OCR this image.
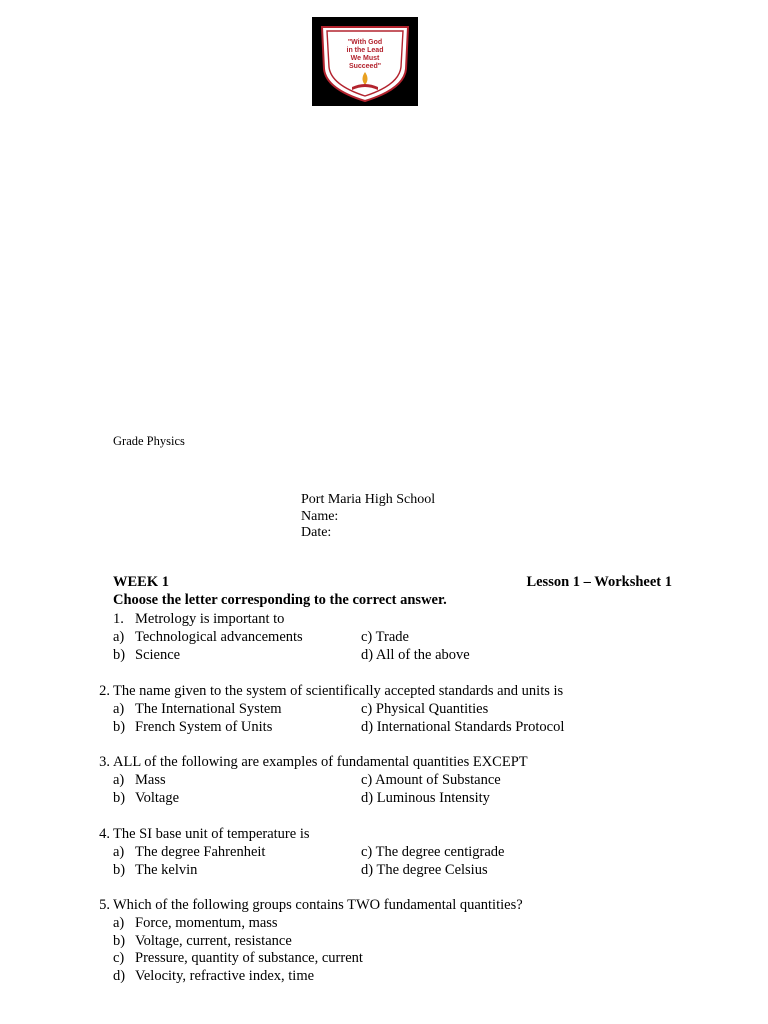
"With God
in the Lead
We Must
Succeed"
Grade Physics
Port Maria High School
Name:
Date:
WEEK 1	Lesson 1 – Worksheet 1
Choose the letter corresponding to the correct answer.
1. Metrology is important to
a) Technological advancements	c) Trade
b) Science	d) All of the above
2. The name given to the system of scientifically accepted standards and units is
a) The International System	c) Physical Quantities
b) French System of Units	d) International Standards Protocol
3. ALL of the following are examples of fundamental quantities EXCEPT
a) Mass	c) Amount of Substance
b) Voltage	d) Luminous Intensity
4. The SI base unit of temperature is
a) The degree Fahrenheit	c) The degree centigrade
b) The kelvin	d) The degree Celsius
5. Which of the following groups contains TWO fundamental quantities?
a) Force, momentum, mass
b) Voltage, current, resistance
c) Pressure, quantity of substance, current
d) Velocity, refractive index, time
